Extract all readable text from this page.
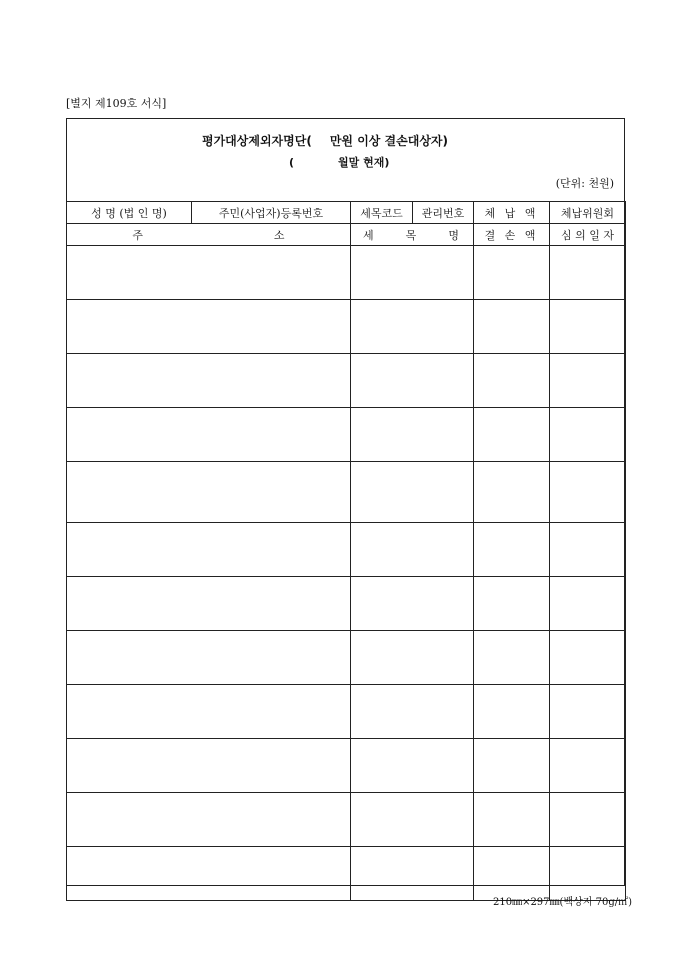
[별지 제109호 서식]
평가대상제외자명단( 만원 이상 결손대상자)
(	월말 현재)
(단위: 천원)
성 명 (법 인 명)	주민(사업자)등록번호	세목코드	관리번호	체 납 액	체납위원회

주 소		세 목 명		결 손 액	심 의 일 자

210㎜×297㎜(백상지 70g/㎡)
